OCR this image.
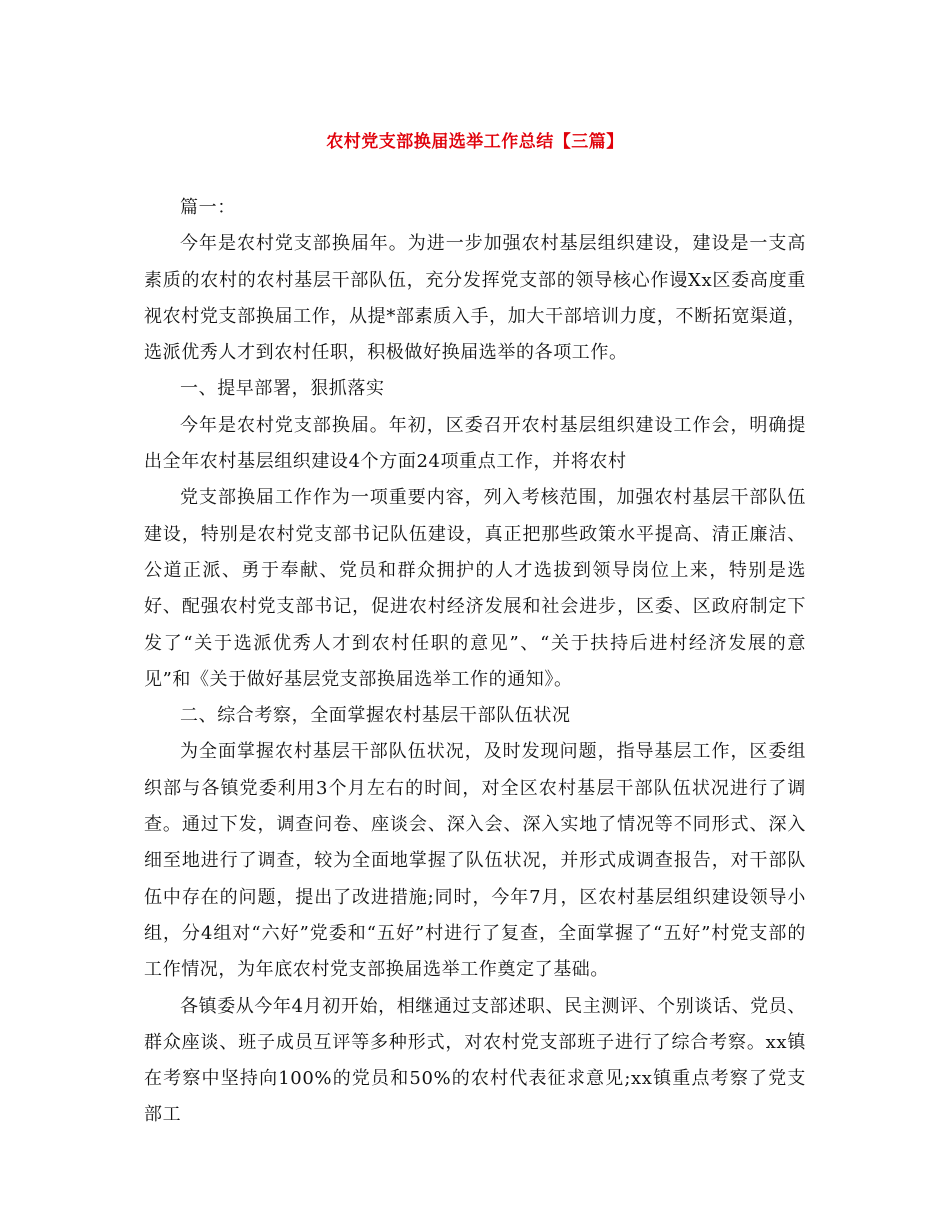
农村党支部换届选举工作总结【三篇】

篇一：

今年是农村党支部换届年。为进一步加强农村基层组织建设，建设是一支高素质的农村的农村基层干部队伍，充分发挥党支部的领导核心作谩Xx区委高度重视农村党支部换届工作，从提*部素质入手，加大干部培训力度，不断拓宽渠道，选派优秀人才到农村任职，积极做好换届选举的各项工作。

一、提早部署，狠抓落实

今年是农村党支部换届。年初，区委召开农村基层组织建设工作会，明确提出全年农村基层组织建设4个方面24项重点工作，并将农村

党支部换届工作作为一项重要内容，列入考核范围，加强农村基层干部队伍建设，特别是农村党支部书记队伍建设，真正把那些政策水平提高、清正廉洁、公道正派、勇于奉献、党员和群众拥护的人才选拔到领导岗位上来，特别是选好、配强农村党支部书记，促进农村经济发展和社会进步，区委、区政府制定下发了“关于选派优秀人才到农村任职的意见”、“关于扶持后进村经济发展的意见”和《关于做好基层党支部换届选举工作的通知》。

二、综合考察，全面掌握农村基层干部队伍状况

为全面掌握农村基层干部队伍状况，及时发现问题，指导基层工作，区委组织部与各镇党委利用3个月左右的时间，对全区农村基层干部队伍状况进行了调查。通过下发，调查问卷、座谈会、深入会、深入实地了情况等不同形式、深入细至地进行了调查，较为全面地掌握了队伍状况，并形式成调查报告，对干部队伍中存在的问题，提出了改进措施;同时，今年7月，区农村基层组织建设领导小组，分4组对“六好”党委和“五好”村进行了复查，全面掌握了“五好”村党支部的工作情况，为年底农村党支部换届选举工作奠定了基础。

各镇委从今年4月初开始，相继通过支部述职、民主测评、个别谈话、党员、群众座谈、班子成员互评等多种形式，对农村党支部班子进行了综合考察。xx镇在考察中坚持向100%的党员和50%的农村代表征求意见;xx镇重点考察了党支部工
